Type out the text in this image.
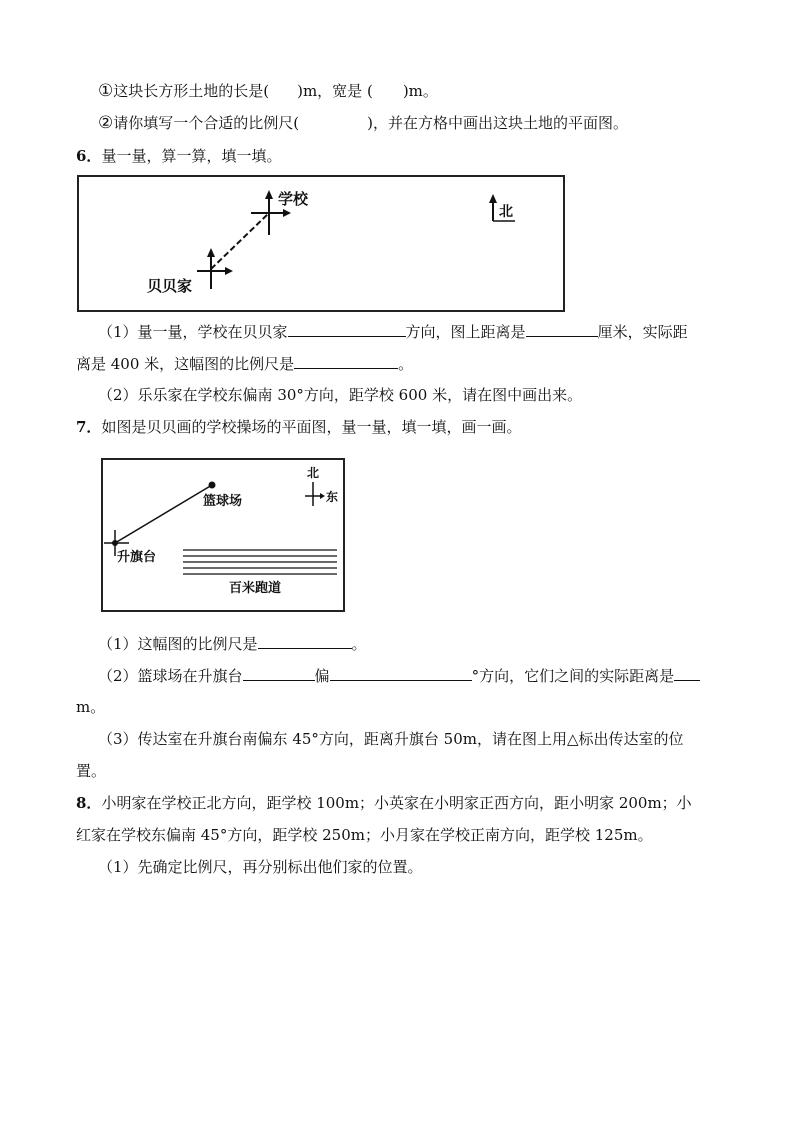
①这块长方形土地的长是( )m，宽是 ( )m。
②请你填写一个合适的比例尺(	)，并在方格中画出这块土地的平面图。
6．量一量，算一算，填一填。
学校
贝贝家
北
（1）量一量，学校在贝贝家	方向，图上距离是	厘米，实际距
离是 400 米，这幅图的比例尺是	。
（2）乐乐家在学校东偏南 30°方向，距学校 600 米，请在图中画出来。
7．如图是贝贝画的学校操场的平面图，量一量，填一填，画一画。
篮球场
升旗台
百米跑道
北
东
（1）这幅图的比例尺是	。
（2）篮球场在升旗台	偏	°方向，它们之间的实际距离是
m。
（3）传达室在升旗台南偏东 45°方向，距离升旗台 50m，请在图上用△标出传达室的位
置。
8．小明家在学校正北方向，距学校 100m；小英家在小明家正西方向，距小明家 200m；小
红家在学校东偏南 45°方向，距学校 250m；小月家在学校正南方向，距学校 125m。
（1）先确定比例尺，再分别标出他们家的位置。
